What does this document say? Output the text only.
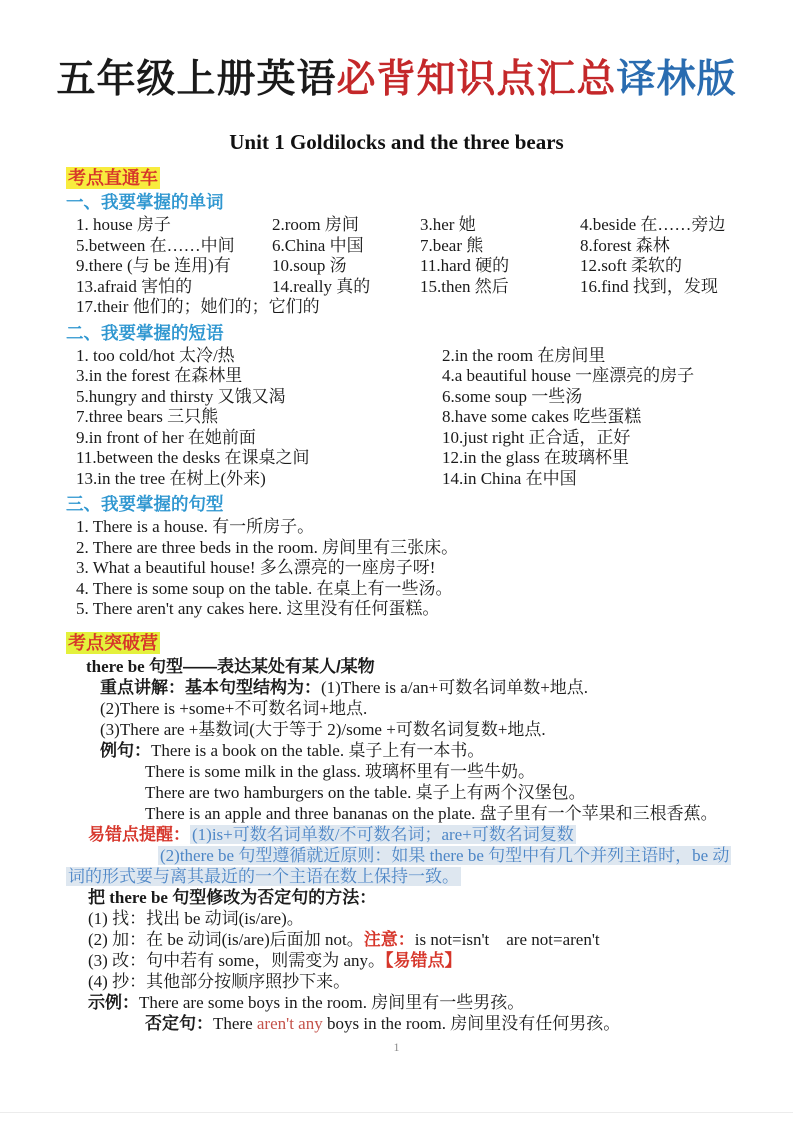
五年级上册英语必背知识点汇总译林版
Unit 1 Goldilocks and the three bears
考点直通车
一、我要掌握的单词
1. house 房子	2.room 房间	3.her 她	4.beside 在……旁边
5.between 在……中间	6.China 中国	7.bear 熊	8.forest 森林
9.there (与 be 连用)有	10.soup 汤	11.hard 硬的	12.soft 柔软的
13.afraid 害怕的	14.really 真的	15.then 然后	16.find 找到，发现
17.their 他们的；她们的；它们的
二、我要掌握的短语
1. too cold/hot 太冷/热	2.in the room 在房间里
3.in the forest 在森林里	4.a beautiful house 一座漂亮的房子
5.hungry and thirsty 又饿又渴	6.some soup 一些汤
7.three bears 三只熊	8.have some cakes 吃些蛋糕
9.in front of her 在她前面	10.just right 正合适，正好
11.between the desks 在课桌之间	12.in the glass 在玻璃杯里
13.in the tree 在树上(外来)	14.in China 在中国
三、我要掌握的句型
1. There is a house. 有一所房子。
2. There are three beds in the room. 房间里有三张床。
3. What a beautiful house! 多么漂亮的一座房子呀!
4. There is some soup on the table. 在桌上有一些汤。
5. There aren't any cakes here. 这里没有任何蛋糕。
考点突破营
there be 句型——表达某处有某人/某物
重点讲解：基本句型结构为：(1)There is a/an+可数名词单数+地点.
(2)There is +some+不可数名词+地点.
(3)There are +基数词(大于等于 2)/some +可数名词复数+地点.
例句：There is a book on the table. 桌子上有一本书。
There is some milk in the glass. 玻璃杯里有一些牛奶。
There are two hamburgers on the table. 桌子上有两个汉堡包。
There is an apple and three bananas on the plate. 盘子里有一个苹果和三根香蕉。
易错点提醒： (1)is+可数名词单数/不可数名词；are+可数名词复数
(2)there be 句型遵循就近原则：如果 there be 句型中有几个并列主语时，be 动
词的形式要与离其最近的一个主语在数上保持一致。
把 there be 句型修改为否定句的方法：
(1) 找：找出 be 动词(is/are)。
(2) 加：在 be 动词(is/are)后面加 not。注意：is not=isn't　are not=aren't
(3) 改：句中若有 some，则需变为 any。【易错点】
(4) 抄：其他部分按顺序照抄下来。
示例：There are some boys in the room. 房间里有一些男孩。
否定句：There aren't any boys in the room. 房间里没有任何男孩。
1
